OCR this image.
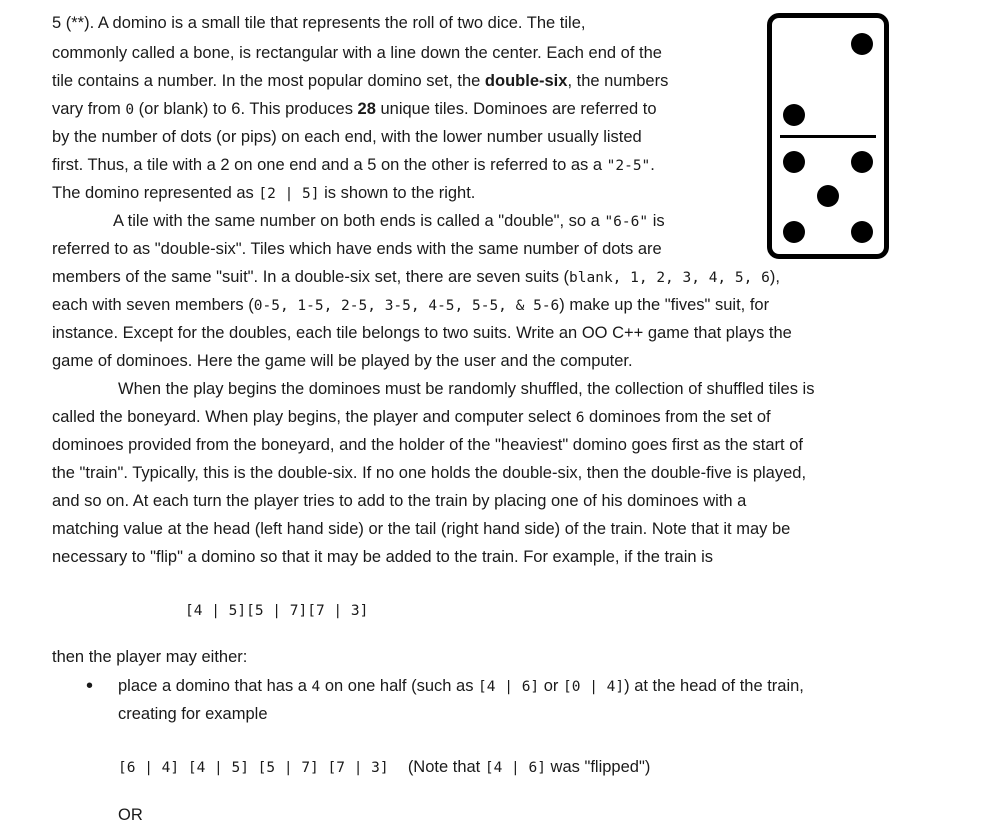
5 (**). A domino is a small tile that represents the roll of two dice. The tile,
commonly called a bone, is rectangular with a line down the center. Each end of the
tile contains a number. In the most popular domino set, the double-six, the numbers
vary from 0 (or blank) to 6. This produces 28 unique tiles. Dominoes are referred to
by the number of dots (or pips) on each end, with the lower number usually listed
first. Thus, a tile with a 2 on one end and a 5 on the other is referred to as a "2-5".
The domino represented as [2 | 5] is shown to the right.
A tile with the same number on both ends is called a "double", so a "6-6" is
referred to as "double-six". Tiles which have ends with the same number of dots are
members of the same "suit". In a double-six set, there are seven suits (blank, 1, 2, 3, 4, 5, 6),
each with seven members (0-5, 1-5, 2-5, 3-5, 4-5, 5-5, & 5-6) make up the "fives" suit, for
instance. Except for the doubles, each tile belongs to two suits. Write an OO C++ game that plays the
game of dominoes. Here the game will be played by the user and the computer.
When the play begins the dominoes must be randomly shuffled, the collection of shuffled tiles is
called the boneyard. When play begins, the player and computer select 6 dominoes from the set of
dominoes provided from the boneyard, and the holder of the "heaviest" domino goes first as the start of
the "train". Typically, this is the double-six. If no one holds the double-six, then the double-five is played,
and so on. At each turn the player tries to add to the train by placing one of his dominoes with a
matching value at the head (left hand side) or the tail (right hand side) of the train. Note that it may be
necessary to "flip" a domino so that it may be added to the train. For example, if the train is
[4 | 5][5 | 7][7 | 3]
then the player may either:
• place a domino that has a 4 on one half (such as [4 | 6] or [0 | 4]) at the head of the train,
creating for example
[6 | 4] [4 | 5] [5 | 7] [7 | 3] (Note that [4 | 6] was "flipped")
OR
